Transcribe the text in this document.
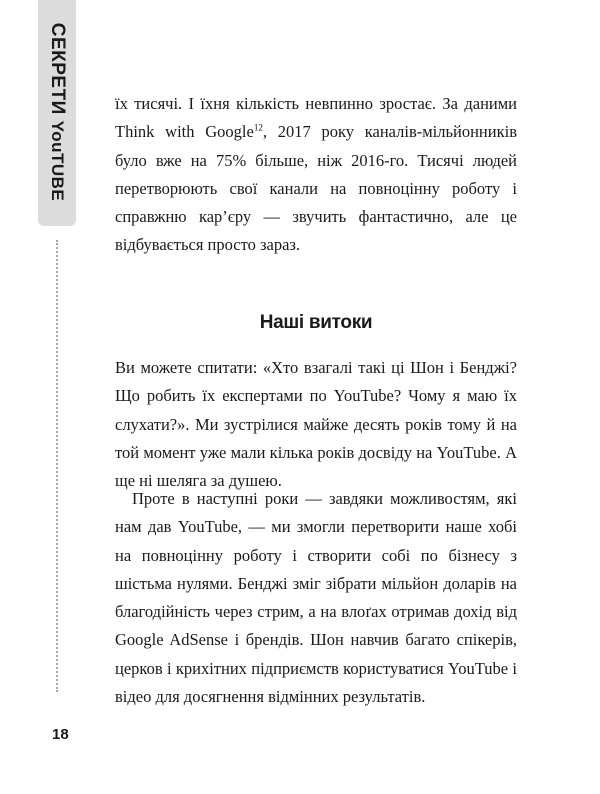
СЕКРЕТИ YouTUBE

їх тисячі. І їхня кількість невпинно зростає. За даними Think with Google$^{12}$, 2017 року каналів-мільйонників було вже на 75% більше, ніж 2016-го. Тисячі людей перетворюють свої канали на повноцінну роботу і справжню кар’єру — звучить фантастично, але це відбувається просто зараз.

Наші витоки

Ви можете спитати: «Хто взагалі такі ці Шон і Бенджі? Що робить їх експертами по YouTube? Чому я маю їх слухати?». Ми зустрілися майже десять років тому й на той момент уже мали кілька років досвіду на YouTube. А ще ні шеляга за душею.

Проте в наступні роки — завдяки можливостям, які нам дав YouTube, — ми змогли перетворити наше хобі на повноцінну роботу і створити собі по бізнесу з шістьма нулями. Бенджі зміг зібрати мільйон доларів на благодійність через стрим, а на влоґах отримав дохід від Google AdSense і брендів. Шон навчив багато спікерів, церков і крихітних підприємств користуватися YouTube і відео для досягнення відмінних результатів.

18
